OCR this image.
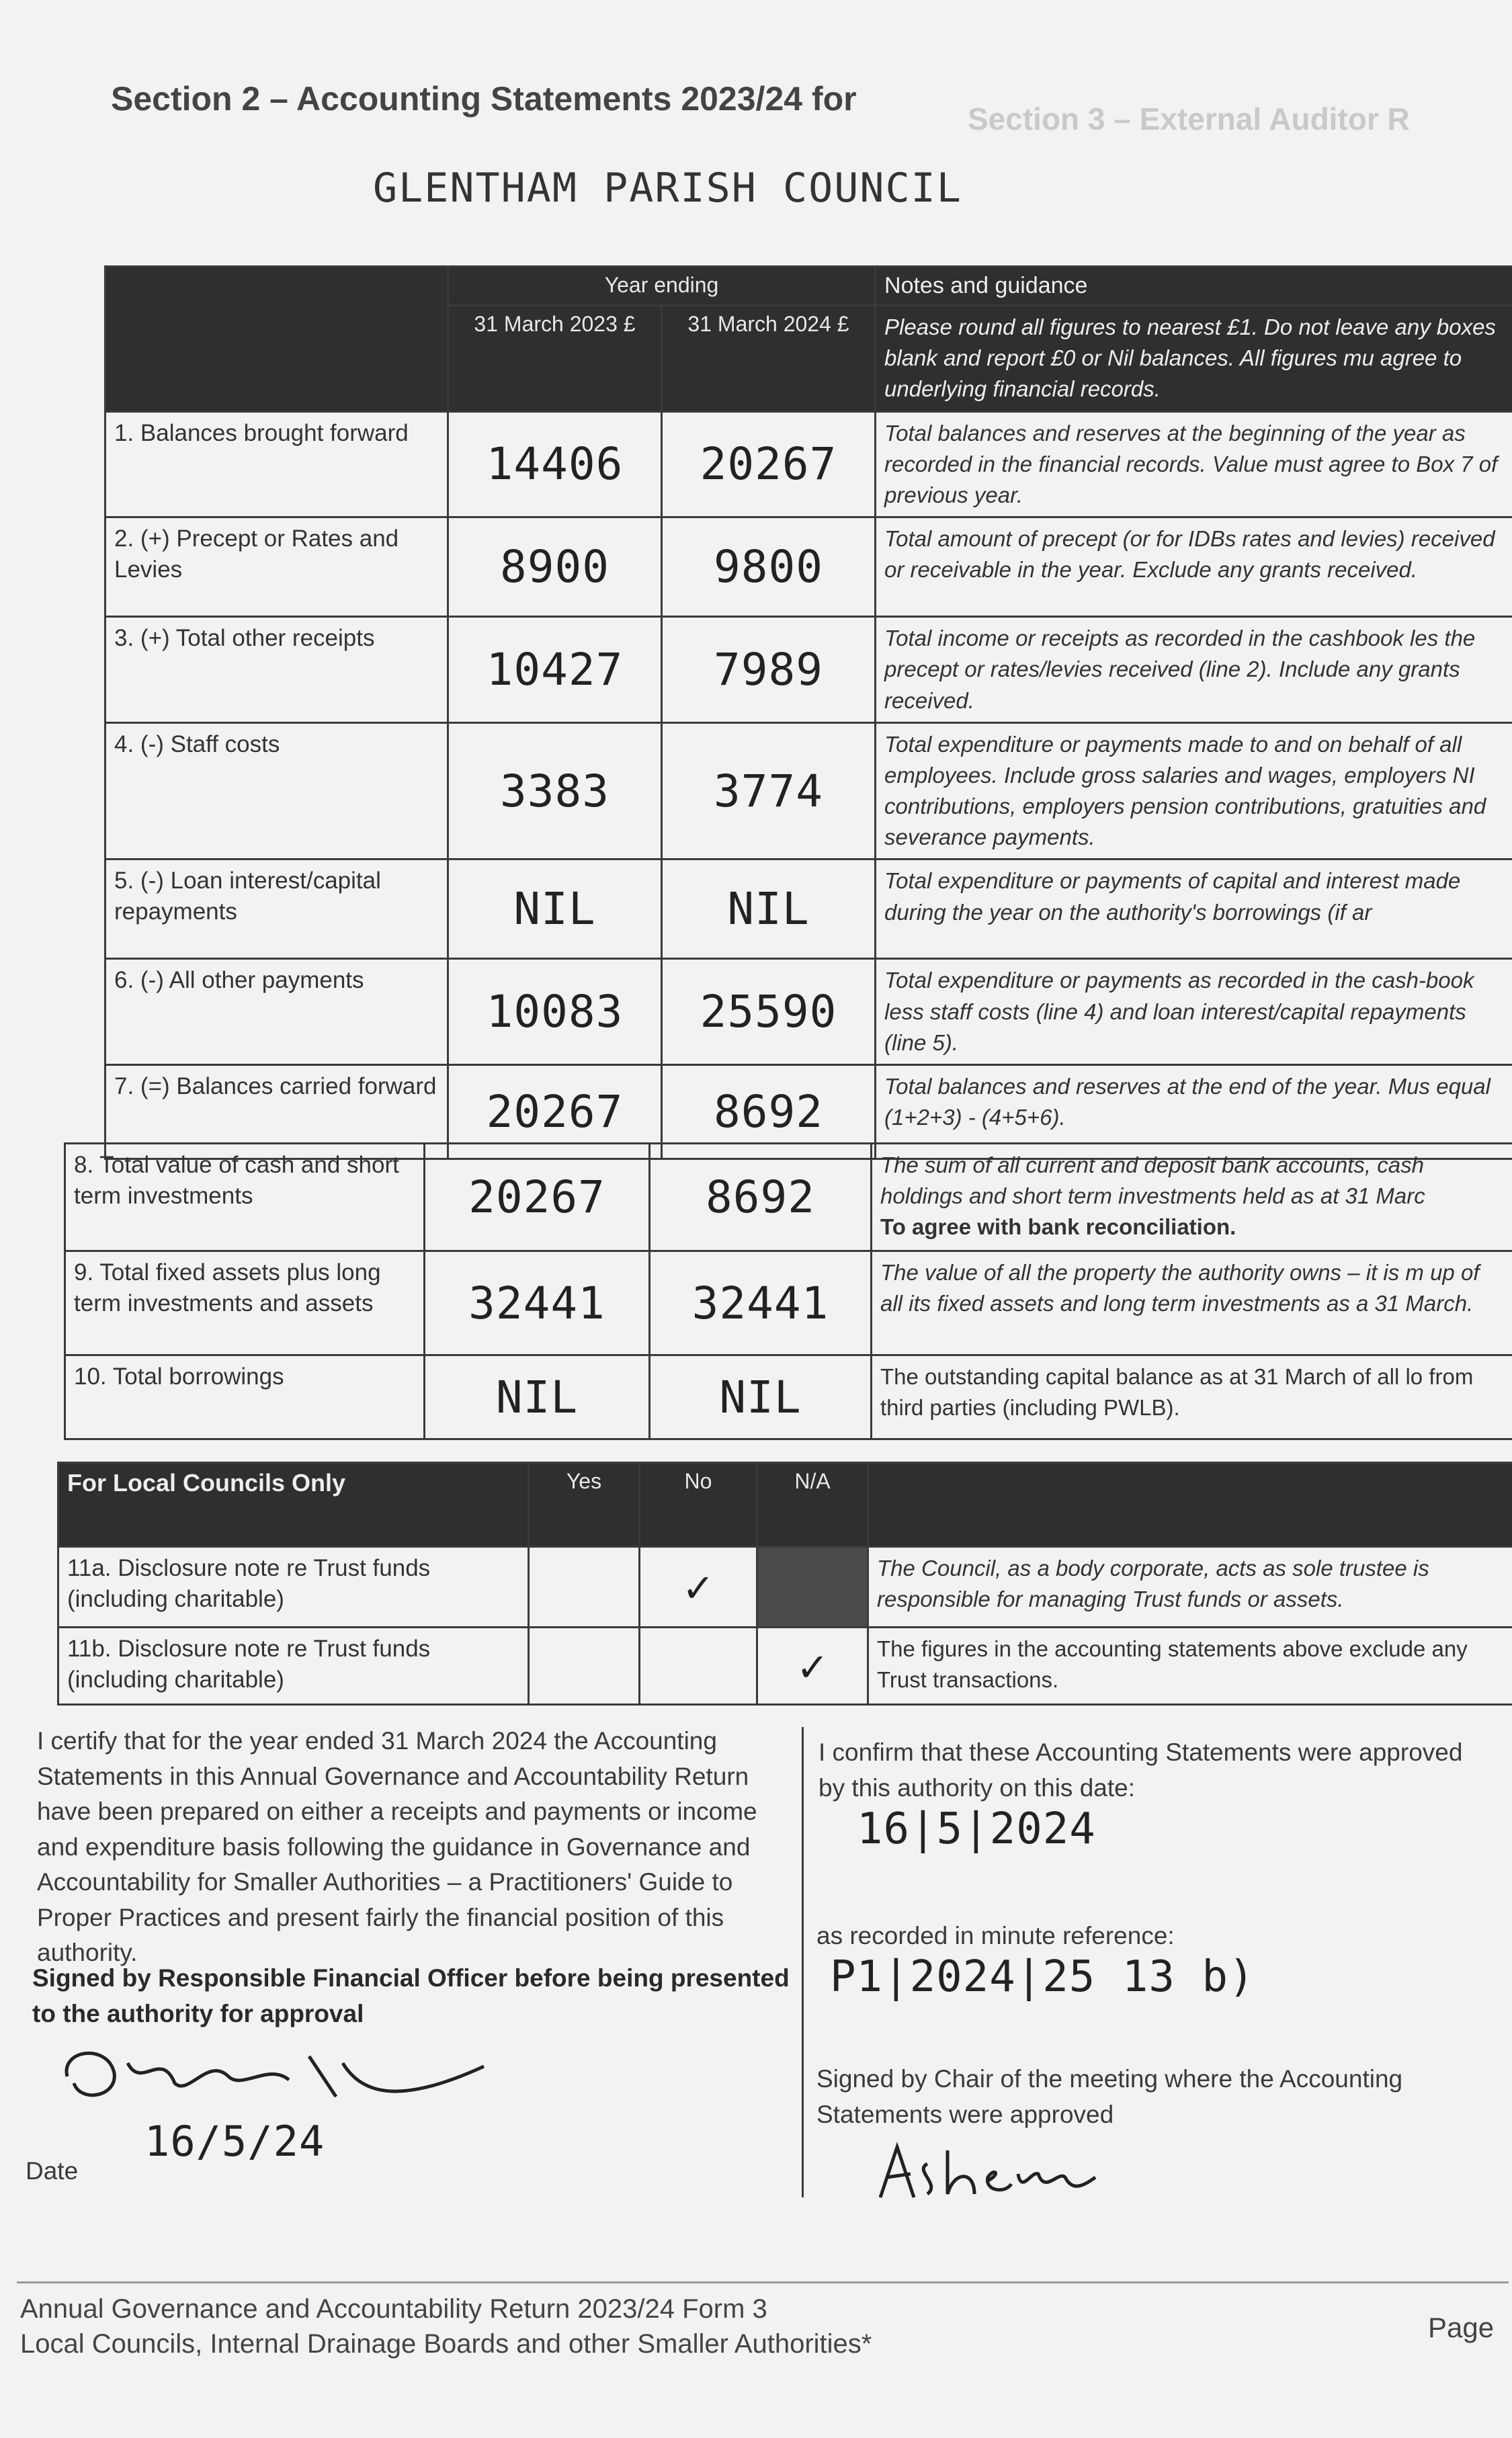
Section 2 – Accounting Statements 2023/24 for
Section 3 – External Auditor R
GLENTHAM PARISH COUNCIL
	Year ending		Notes and guidance
	31 March 2023 £	31 March 2024 £	Please round all figures to nearest £1. Do not leave any boxes blank and report £0 or Nil balances. All figures mu agree to underlying financial records.
1. Balances brought forward	14406	20267	Total balances and reserves at the beginning of the year as recorded in the financial records. Value must agree to Box 7 of previous year.
2. (+) Precept or Rates and Levies	8900	9800	Total amount of precept (or for IDBs rates and levies) received or receivable in the year. Exclude any grants received.
3. (+) Total other receipts	10427	7989	Total income or receipts as recorded in the cashbook les the precept or rates/levies received (line 2). Include any grants received.
4. (-) Staff costs	3383	3774	Total expenditure or payments made to and on behalf of all employees. Include gross salaries and wages, employers NI contributions, employers pension contributions, gratuities and severance payments.
5. (-) Loan interest/capital repayments	NIL	NIL	Total expenditure or payments of capital and interest made during the year on the authority's borrowings (if ar
6. (-) All other payments	10083	25590	Total expenditure or payments as recorded in the cash-book less staff costs (line 4) and loan interest/capital repayments (line 5).
7. (=) Balances carried forward	20267	8692	Total balances and reserves at the end of the year. Mus equal (1+2+3) - (4+5+6).
8. Total value of cash and short term investments	20267	8692	The sum of all current and deposit bank accounts, cash holdings and short term investments held as at 31 Marc
To agree with bank reconciliation.
9. Total fixed assets plus long term investments and assets	32441	32441	The value of all the property the authority owns – it is m up of all its fixed assets and long term investments as a 31 March.
10. Total borrowings	NIL	NIL	The outstanding capital balance as at 31 March of all lo from third parties (including PWLB).
For Local Councils Only	Yes	No	N/A	
11a. Disclosure note re Trust funds (including charitable)		✓		The Council, as a body corporate, acts as sole trustee is responsible for managing Trust funds or assets.
11b. Disclosure note re Trust funds (including charitable)			✓	The figures in the accounting statements above exclude any Trust transactions.
I certify that for the year ended 31 March 2024 the Accounting Statements in this Annual Governance and Accountability Return have been prepared on either a receipts and payments or income and expenditure basis following the guidance in Governance and Accountability for Smaller Authorities – a Practitioners' Guide to Proper Practices and present fairly the financial position of this authority.
Signed by Responsible Financial Officer before being presented to the authority for approval
Date
16/5/24
I confirm that these Accounting Statements were approved by this authority on this date:
16|5|2024
as recorded in minute reference:
P1|2024|25 13 b)
Signed by Chair of the meeting where the Accounting Statements were approved
Annual Governance and Accountability Return 2023/24 Form 3
Local Councils, Internal Drainage Boards and other Smaller Authorities*
Page
